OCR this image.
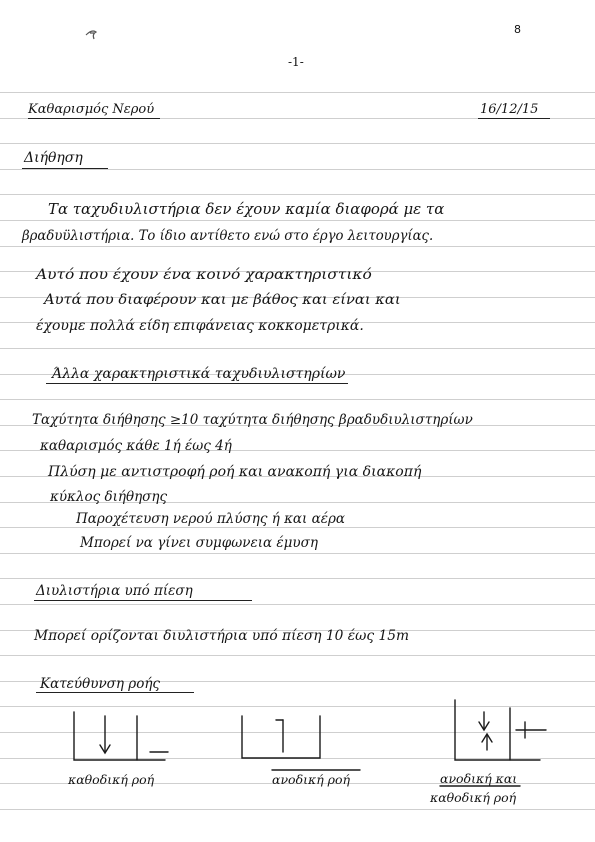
8
-1-
Καθαρισμός Νερού	16/12/15
Διήθηση
Τα ταχυδιυλιστήρια δεν έχουν καμία διαφορά με τα
βραδυϋλιστήρια. Το ίδιο αντίθετο ενώ στο έργο λειτουργίας.
Αυτό που έχουν ένα κοινό χαρακτηριστικό
Αυτά που διαφέρουν και με βάθος και είναι και
έχουμε πολλά είδη επιφάνειας κοκκομετρικά.
Άλλα χαρακτηριστικά ταχυδιυλιστηρίων
Ταχύτητα διήθησης ≥10 ταχύτητα διήθησης βραδυδιυλιστηρίων
καθαρισμός κάθε 1ή έως 4ή
Πλύση με αντιστροφή ροή και ανακοπή για διακοπή
κύκλος διήθησης
Παροχέτευση νερού πλύσης ή και αέρα
Μπορεί να γίνει συμφωνεια έμυση
Διυλιστήρια υπό πίεση
Μπορεί ορίζονται διυλιστήρια υπό πίεση 10 έως 15m
Κατεύθυνση ροής
καθοδική ροή	ανοδική ροή	ανοδική και
καθοδική ροή
